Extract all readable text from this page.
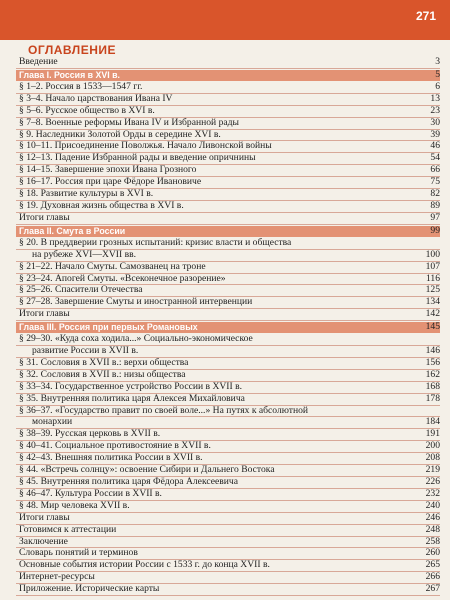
271
ОГЛАВЛЕНИЕ
Введение	3
Глава I. Россия в XVI в.	5
§ 1–2. Россия в 1533—1547 гг.	6
§ 3–4. Начало царствования Ивана IV	13
§ 5–6. Русское общество в XVI в.	23
§ 7–8. Военные реформы Ивана IV и Избранной рады	30
§ 9. Наследники Золотой Орды в середине XVI в.	39
§ 10–11. Присоединение Поволжья. Начало Ливонской войны	46
§ 12–13. Падение Избранной рады и введение опричнины	54
§ 14–15. Завершение эпохи Ивана Грозного	66
§ 16–17. Россия при царе Фёдоре Ивановиче	75
§ 18. Развитие культуры в XVI в.	82
§ 19. Духовная жизнь общества в XVI в.	89
Итоги главы	97
Глава II. Смута в России	99
§ 20. В преддверии грозных испытаний: кризис власти и общества
на рубеже XVI—XVII вв.	100
§ 21–22. Начало Смуты. Самозванец на троне	107
§ 23–24. Апогей Смуты. «Всеконечное разорение»	116
§ 25–26. Спасители Отечества	125
§ 27–28. Завершение Смуты и иностранной интервенции	134
Итоги главы	142
Глава III. Россия при первых Романовых	145
§ 29–30. «Куда соха ходила...» Социально-экономическое
развитие России в XVII в.	146
§ 31. Сословия в XVII в.: верхи общества	156
§ 32. Сословия в XVII в.: низы общества	162
§ 33–34. Государственное устройство России в XVII в.	168
§ 35. Внутренняя политика царя Алексея Михайловича	178
§ 36–37. «Государство правит по своей воле...» На путях к абсолютной
монархии	184
§ 38–39. Русская церковь в XVII в.	191
§ 40–41. Социальное противостояние в XVII в.	200
§ 42–43. Внешняя политика России в XVII в.	208
§ 44. «Встречь солнцу»: освоение Сибири и Дальнего Востока	219
§ 45. Внутренняя политика царя Фёдора Алексеевича	226
§ 46–47. Культура России в XVII в.	232
§ 48. Мир человека XVII в.	240
Итоги главы	246
Готовимся к аттестации	248
Заключение	258
Словарь понятий и терминов	260
Основные события истории России с 1533 г. до конца XVII в.	265
Интернет-ресурсы	266
Приложение. Исторические карты	267
